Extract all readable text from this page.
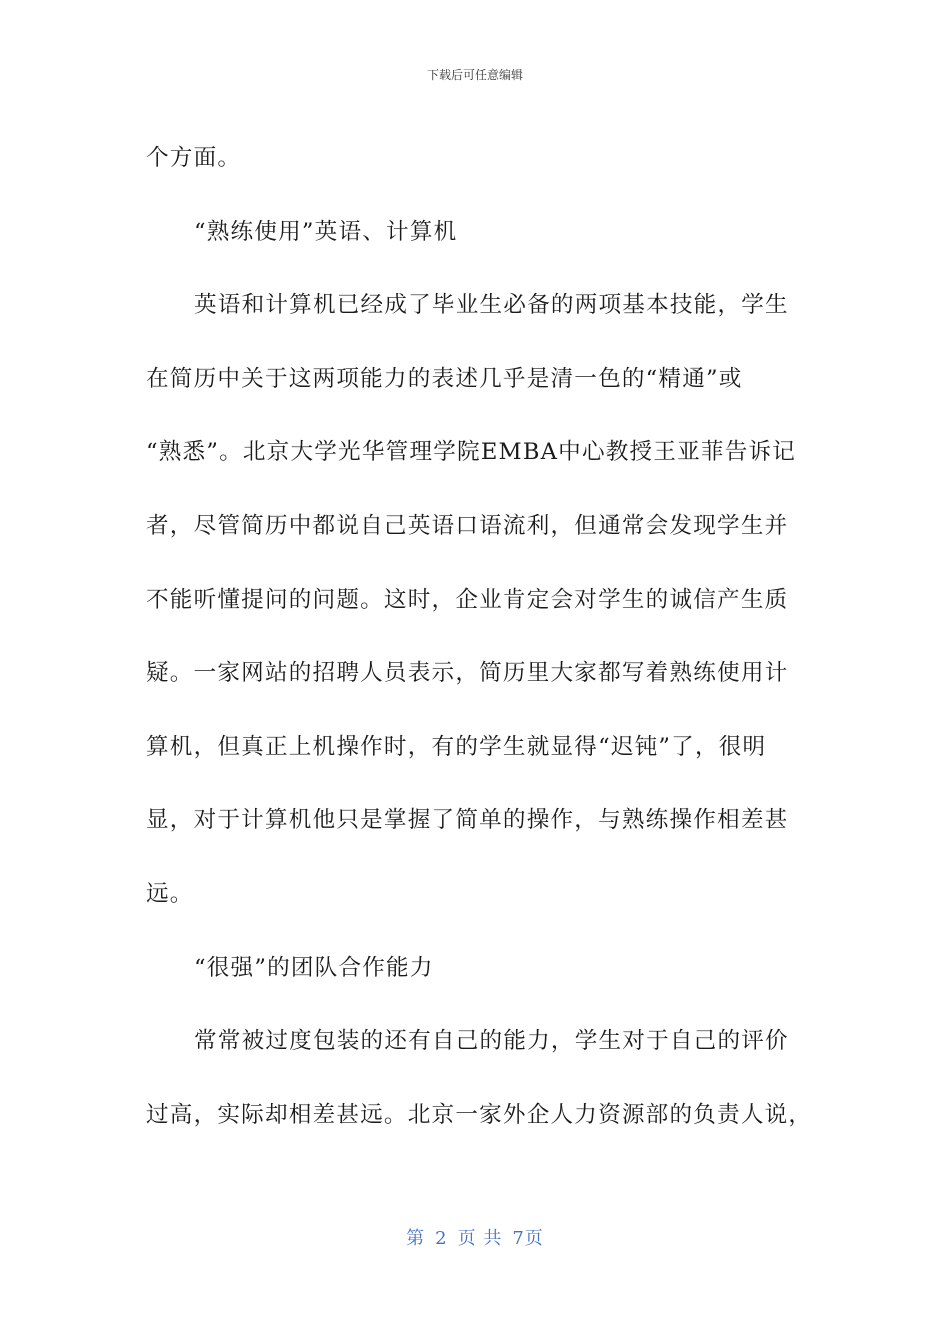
下载后可任意编辑
个方面。
“熟练使用”英语、计算机
英语和计算机已经成了毕业生必备的两项基本技能，学生
在简历中关于这两项能力的表述几乎是清一色的“精通”或
“熟悉”。北京大学光华管理学院EMBA中心教授王亚菲告诉记
者，尽管简历中都说自己英语口语流利，但通常会发现学生并
不能听懂提问的问题。这时，企业肯定会对学生的诚信产生质
疑。一家网站的招聘人员表示，简历里大家都写着熟练使用计
算机，但真正上机操作时，有的学生就显得“迟钝”了，很明
显，对于计算机他只是掌握了简单的操作，与熟练操作相差甚
远。
“很强”的团队合作能力
常常被过度包装的还有自己的能力，学生对于自己的评价
过高，实际却相差甚远。北京一家外企人力资源部的负责人说，
第 2 页 共 7页
